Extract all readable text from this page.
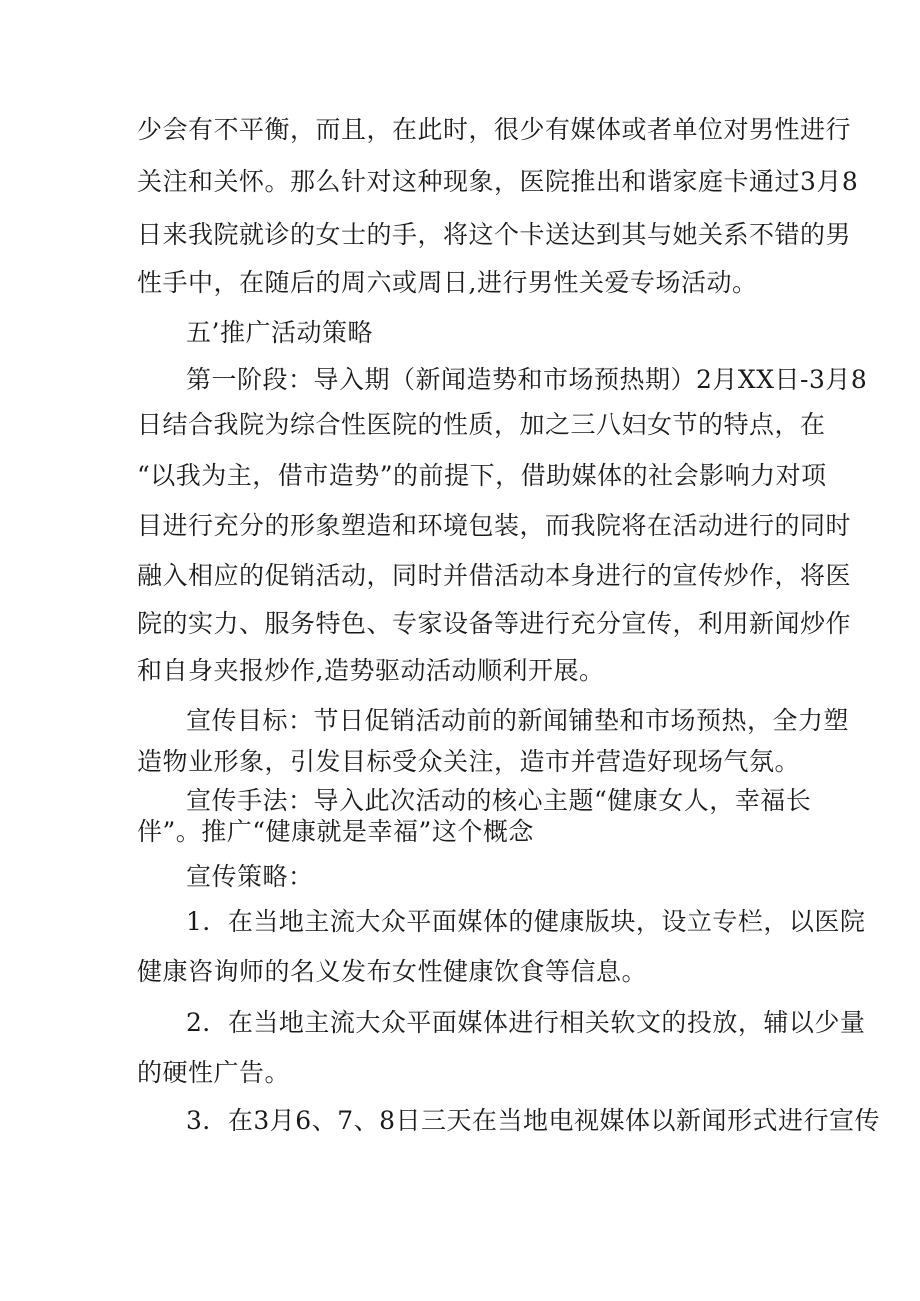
少会有不平衡，而且，在此时，很少有媒体或者单位对男性进行
关注和关怀。那么针对这种现象，医院推出和谐家庭卡通过3月8
日来我院就诊的女士的手，将这个卡送达到其与她关系不错的男
性手中，在随后的周六或周日,进行男性关爱专场活动。
五’推广活动策略
第一阶段：导入期（新闻造势和市场预热期）2月XX日-3月8
日结合我院为综合性医院的性质，加之三八妇女节的特点，在
“以我为主，借市造势”的前提下，借助媒体的社会影响力对项
目进行充分的形象塑造和环境包装，而我院将在活动进行的同时
融入相应的促销活动，同时并借活动本身进行的宣传炒作，将医
院的实力、服务特色、专家设备等进行充分宣传，利用新闻炒作
和自身夹报炒作,造势驱动活动顺利开展。
宣传目标：节日促销活动前的新闻铺垫和市场预热，全力塑
造物业形象，引发目标受众关注，造市并营造好现场气氛。
宣传手法：导入此次活动的核心主题“健康女人，幸福长
伴”。推广“健康就是幸福”这个概念
宣传策略：
1．在当地主流大众平面媒体的健康版块，设立专栏，以医院
健康咨询师的名义发布女性健康饮食等信息。
2．在当地主流大众平面媒体进行相关软文的投放，辅以少量
的硬性广告。
3．在3月6、7、8日三天在当地电视媒体以新闻形式进行宣传
